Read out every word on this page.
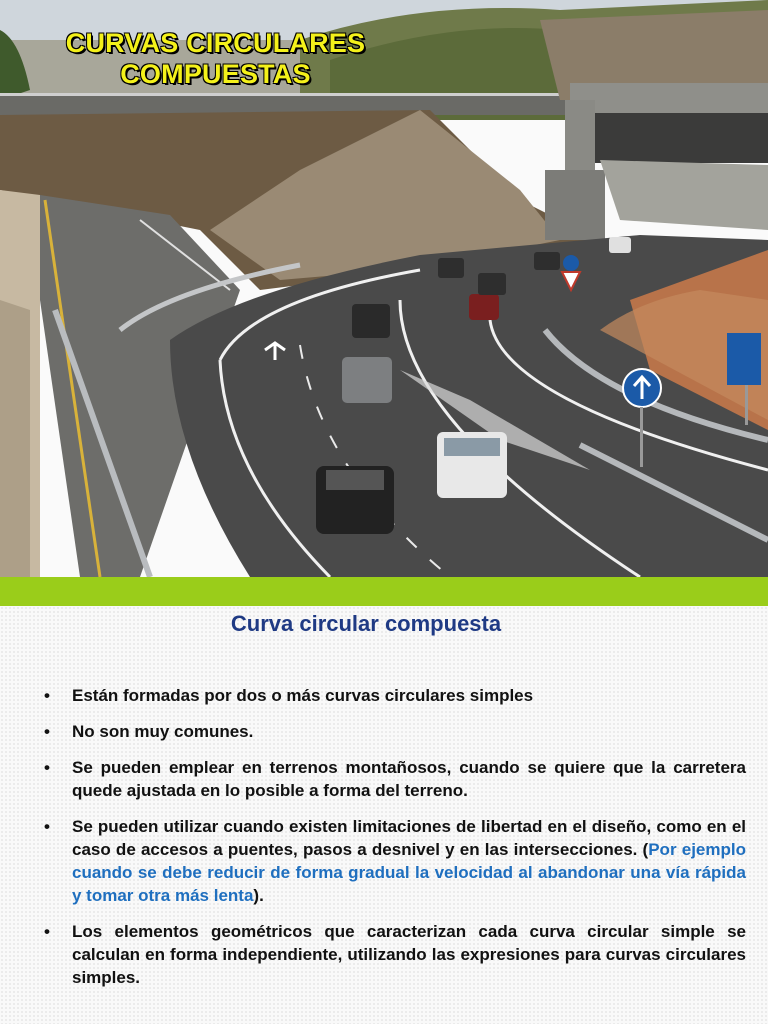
CURVAS CIRCULARES
COMPUESTAS
Curva circular compuesta
• Están formadas por dos o más curvas circulares simples
• No son muy comunes.
• Se pueden emplear en terrenos montañosos, cuando se quiere que la carretera quede ajustada en lo posible a forma del terreno.
• Se pueden utilizar cuando existen limitaciones de libertad en el diseño, como en el caso de accesos a puentes, pasos a desnivel y en las intersecciones. (Por ejemplo cuando se debe reducir de forma gradual la velocidad al abandonar una vía rápida y tomar otra más lenta).
• Los elementos geométricos que caracterizan cada curva circular simple se calculan en forma independiente, utilizando las expresiones para curvas circulares simples.
